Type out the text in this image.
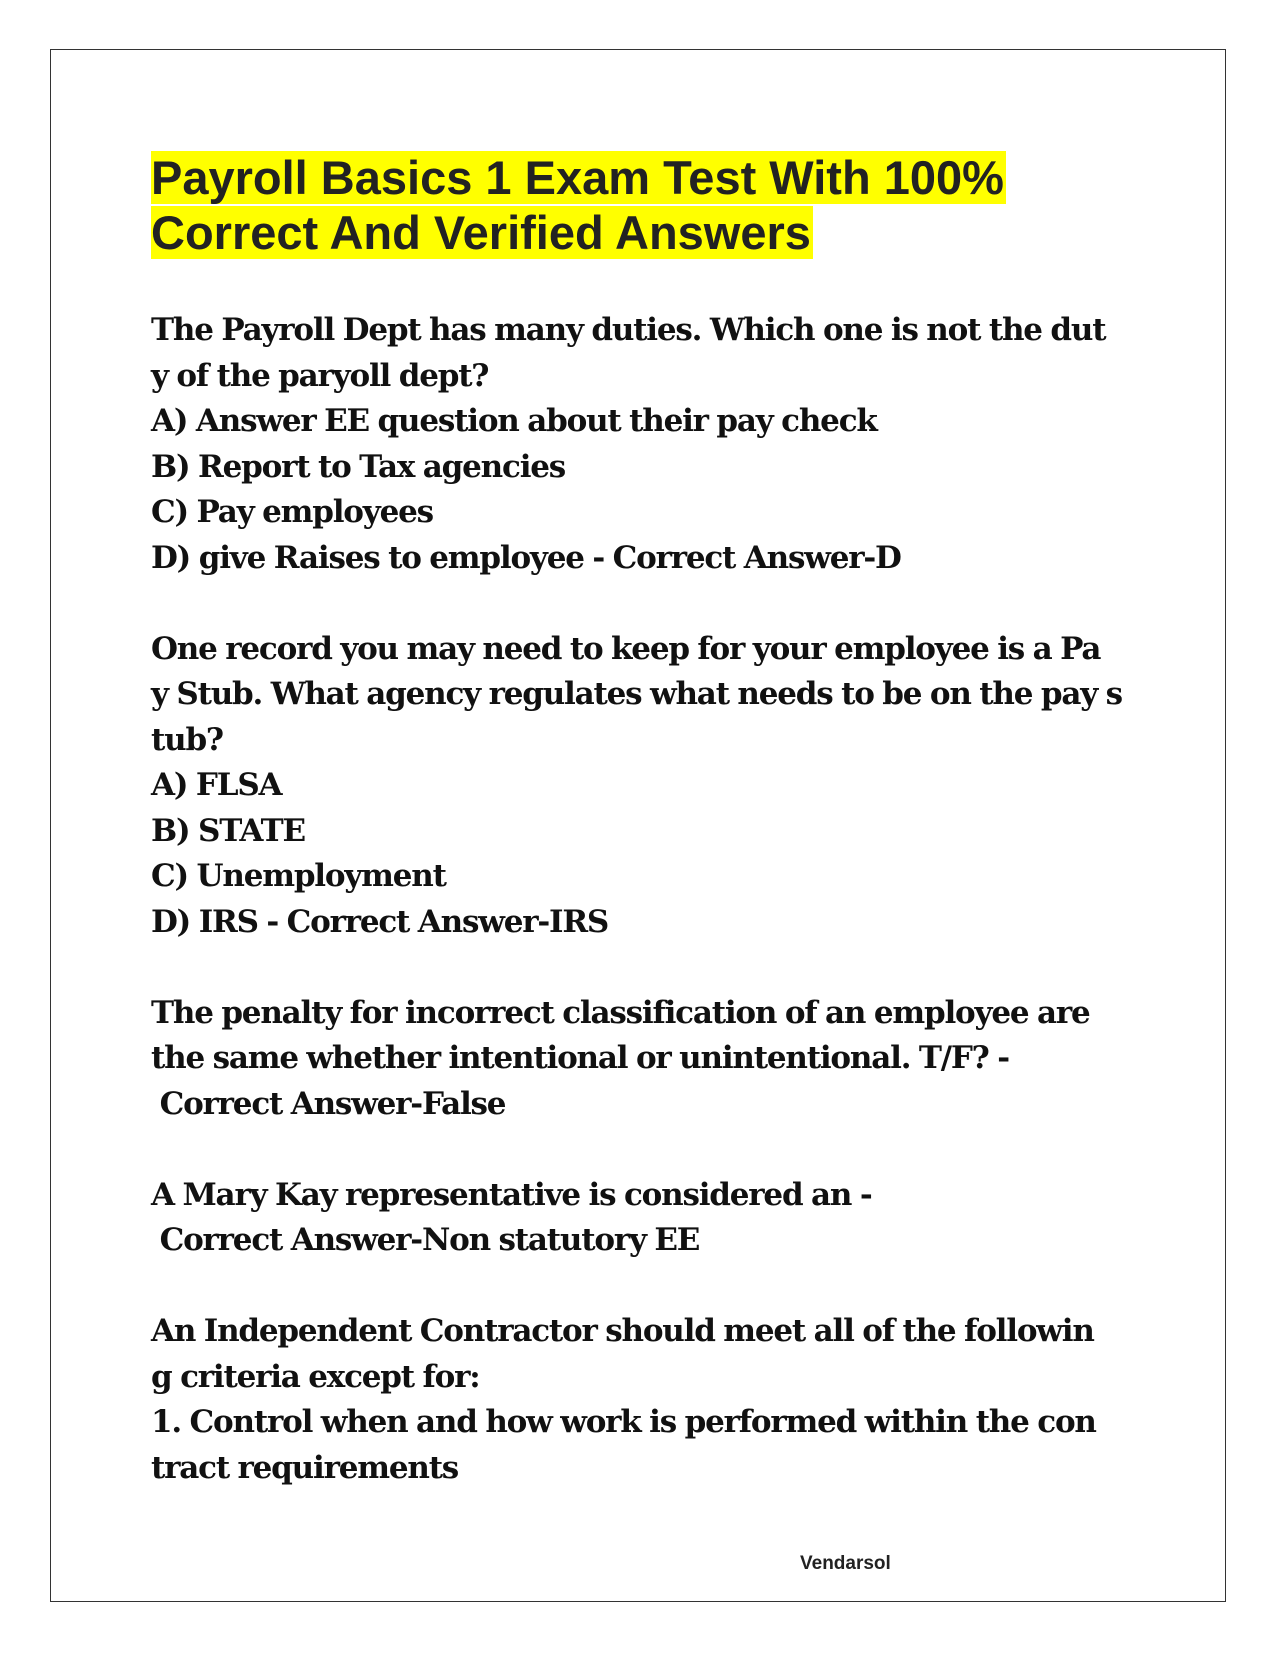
Payroll Basics 1 Exam Test With 100%
Correct And Verified Answers
The Payroll Dept has many duties. Which one is not the dut
y of the paryoll dept?
A) Answer EE question about their pay check
B) Report to Tax agencies
C) Pay employees
D) give Raises to employee - Correct Answer-D
One record you may need to keep for your employee is a Pa
y Stub. What agency regulates what needs to be on the pay s
tub?
A) FLSA
B) STATE
C) Unemployment
D) IRS - Correct Answer-IRS
The penalty for incorrect classification of an employee are
the same whether intentional or unintentional. T/F? -
Correct Answer-False
A Mary Kay representative is considered an -
Correct Answer-Non statutory EE
An Independent Contractor should meet all of the followin
g criteria except for:
1. Control when and how work is performed within the con
tract requirements
Vendarsol
